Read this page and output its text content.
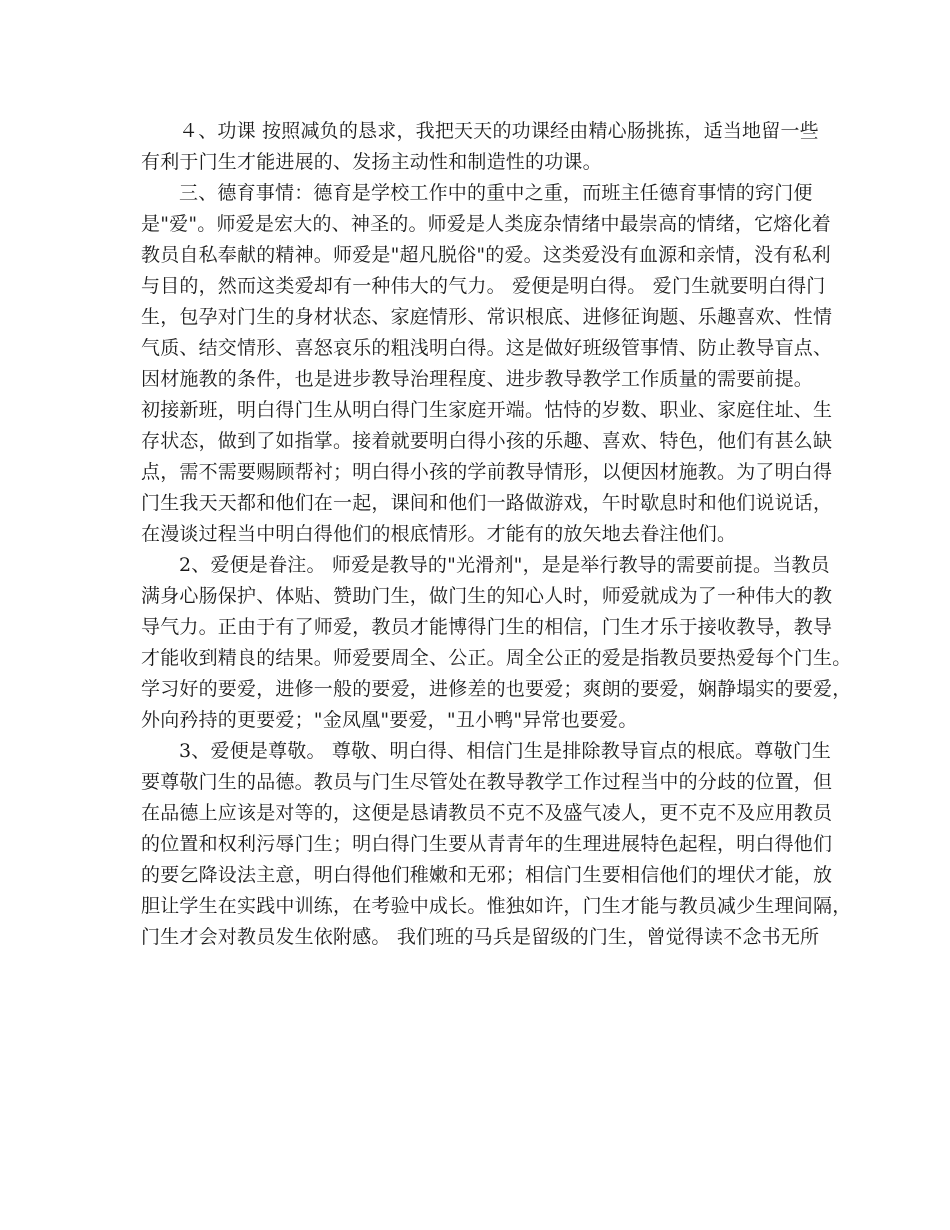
４、功课 按照减负的恳求，我把天天的功课经由精心肠挑拣，适当地留一些

有利于门生才能进展的、发扬主动性和制造性的功课。

三、德育事情：德育是学校工作中的重中之重，而班主任德育事情的窍门便

是"爱"。师爱是宏大的、神圣的。师爱是人类庞杂情绪中最崇高的情绪，它熔化着

教员自私奉献的精神。师爱是"超凡脱俗"的爱。这类爱没有血源和亲情，没有私利

与目的，然而这类爱却有一种伟大的气力。 爱便是明白得。 爱门生就要明白得门

生，包孕对门生的身材状态、家庭情形、常识根底、进修征询题、乐趣喜欢、性情

气质、结交情形、喜怒哀乐的粗浅明白得。这是做好班级管事情、防止教导盲点、

因材施教的条件，也是进步教导治理程度、进步教导教学工作质量的需要前提。

初接新班，明白得门生从明白得门生家庭开端。怙恃的岁数、职业、家庭住址、生

存状态，做到了如指掌。接着就要明白得小孩的乐趣、喜欢、特色，他们有甚么缺

点，需不需要赐顾帮衬；明白得小孩的学前教导情形，以便因材施教。为了明白得

门生我天天都和他们在一起，课间和他们一路做游戏，午时歇息时和他们说说话，

在漫谈过程当中明白得他们的根底情形。才能有的放矢地去眷注他们。

2、爱便是眷注。 师爱是教导的"光滑剂"，是是举行教导的需要前提。当教员

满身心肠保护、体贴、赞助门生，做门生的知心人时，师爱就成为了一种伟大的教

导气力。正由于有了师爱，教员才能博得门生的相信，门生才乐于接收教导，教导

才能收到精良的结果。师爱要周全、公正。周全公正的爱是指教员要热爱每个门生。

学习好的要爱，进修一般的要爱，进修差的也要爱；爽朗的要爱，娴静塌实的要爱，

外向矜持的更要爱；"金凤凰"要爱，"丑小鸭"异常也要爱。

3、爱便是尊敬。 尊敬、明白得、相信门生是排除教导盲点的根底。尊敬门生

要尊敬门生的品德。教员与门生尽管处在教导教学工作过程当中的分歧的位置，但

在品德上应该是对等的，这便是恳请教员不克不及盛气凌人，更不克不及应用教员

的位置和权利污辱门生；明白得门生要从青青年的生理进展特色起程，明白得他们

的要乞降设法主意，明白得他们稚嫩和无邪；相信门生要相信他们的埋伏才能，放

胆让学生在实践中训练，在考验中成长。惟独如许，门生才能与教员减少生理间隔，

门生才会对教员发生依附感。 我们班的马兵是留级的门生，曾觉得读不念书无所
